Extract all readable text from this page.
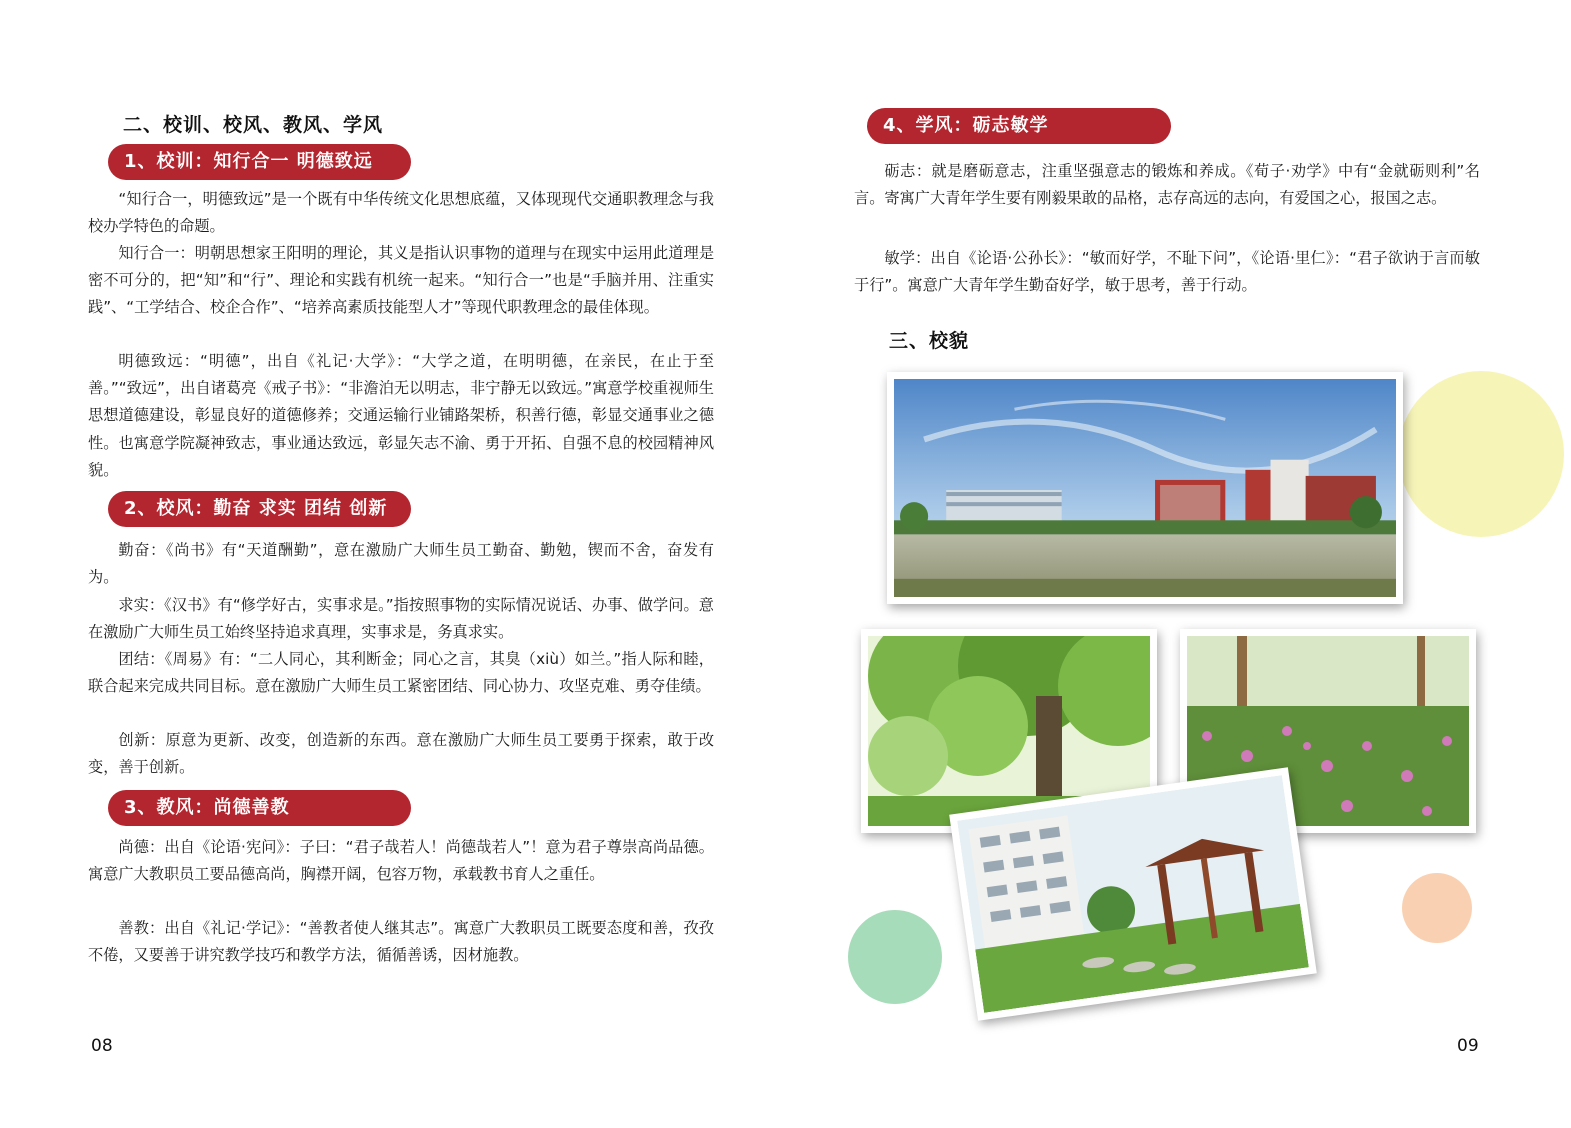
二、校训、校风、教风、学风
1、校训：知行合一 明德致远

“知行合一，明德致远”是一个既有中华传统文化思想底蕴，又体现现代交通职教理念与我校办学特色的命题。

知行合一：明朝思想家王阳明的理论，其义是指认识事物的道理与在现实中运用此道理是密不可分的，把“知”和“行”、理论和实践有机统一起来。“知行合一”也是“手脑并用、注重实践”、“工学结合、校企合作”、“培养高素质技能型人才”等现代职教理念的最佳体现。

明德致远：“明德”，出自《礼记·大学》：“大学之道，在明明德，在亲民，在止于至善。”“致远”，出自诸葛亮《戒子书》：“非澹泊无以明志，非宁静无以致远。”寓意学校重视师生思想道德建设，彰显良好的道德修养；交通运输行业铺路架桥，积善行德，彰显交通事业之德性。也寓意学院凝神致志，事业通达致远，彰显矢志不渝、勇于开拓、自强不息的校园精神风貌。

2、校风：勤奋 求实 团结 创新

勤奋：《尚书》有“天道酬勤”，意在激励广大师生员工勤奋、勤勉，锲而不舍，奋发有为。

求实：《汉书》有“修学好古，实事求是。”指按照事物的实际情况说话、办事、做学问。意在激励广大师生员工始终坚持追求真理，实事求是，务真求实。

团结：《周易》有：“二人同心，其利断金；同心之言，其臭（xiù）如兰。”指人际和睦，联合起来完成共同目标。意在激励广大师生员工紧密团结、同心协力、攻坚克难、勇夺佳绩。

创新：原意为更新、改变，创造新的东西。意在激励广大师生员工要勇于探索，敢于改变，善于创新。

3、教风：尚德善教

尚德：出自《论语·宪问》：子曰：“君子哉若人！尚德哉若人”！意为君子尊崇高尚品德。寓意广大教职员工要品德高尚，胸襟开阔，包容万物，承载教书育人之重任。

善教：出自《礼记·学记》：“善教者使人继其志”。寓意广大教职员工既要态度和善，孜孜不倦，又要善于讲究教学技巧和教学方法，循循善诱，因材施教。

08

4、学风：砺志敏学

砺志：就是磨砺意志，注重坚强意志的锻炼和养成。《荀子·劝学》中有“金就砺则利”名言。寄寓广大青年学生要有刚毅果敢的品格，志存高远的志向，有爱国之心，报国之志。

敏学：出自《论语·公孙长》：“敏而好学，不耻下问”，《论语·里仁》：“君子欲讷于言而敏于行”。寓意广大青年学生勤奋好学，敏于思考，善于行动。

三、校貌

09
